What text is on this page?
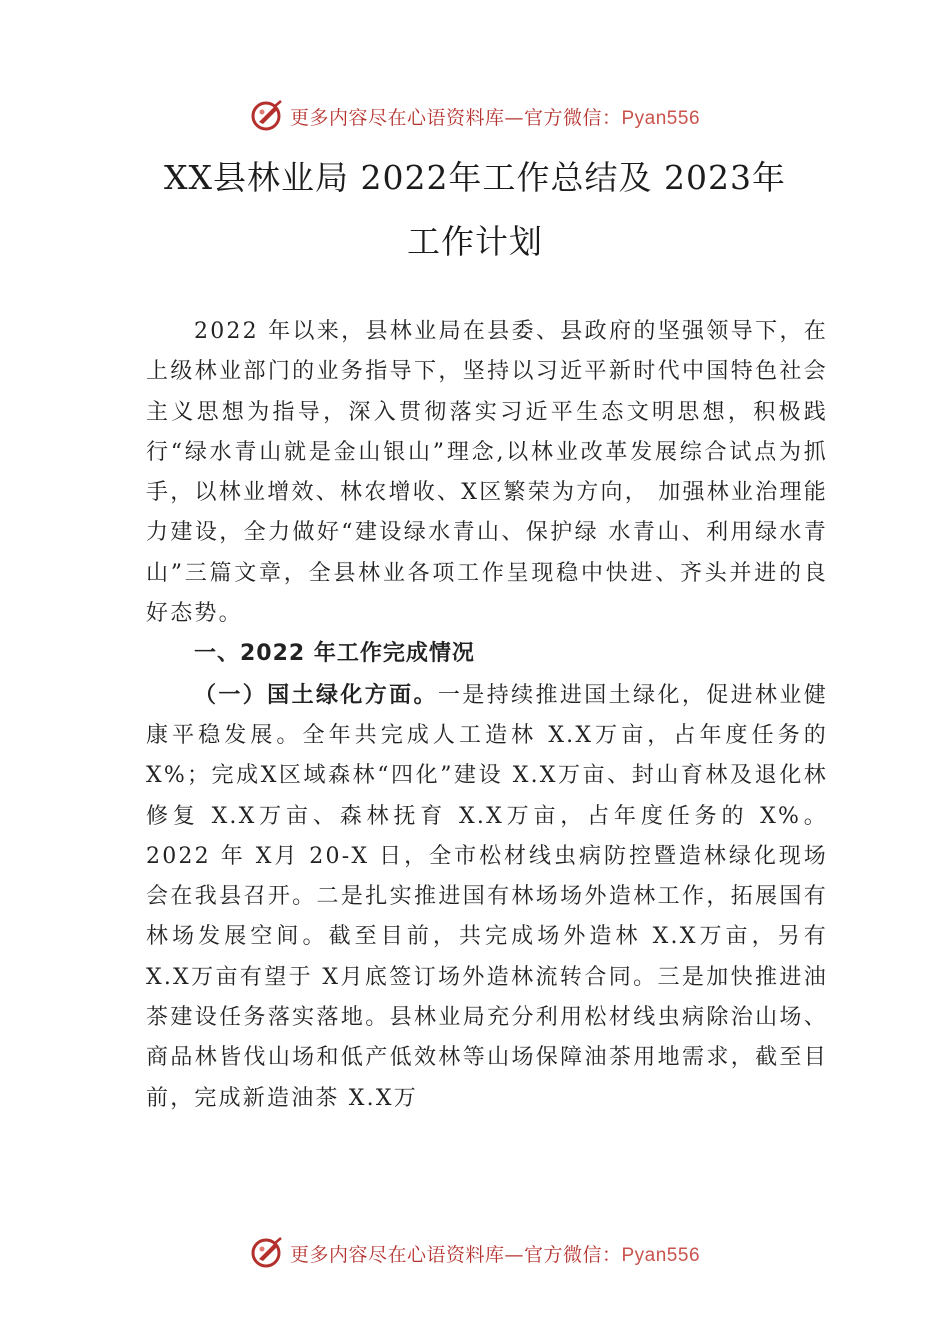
更多内容尽在心语资料库—官方微信：Pyan556
XX县林业局 2022年工作总结及 2023年
工作计划

2022 年以来，县林业局在县委、县政府的坚强领导下，在上级林业部门的业务指导下，坚持以习近平新时代中国特色社会主义思想为指导，深入贯彻落实习近平生态文明思想，积极践行“绿水青山就是金山银山”理念,以林业改革发展综合试点为抓手，以林业增效、林农增收、X区繁荣为方向， 加强林业治理能力建设，全力做好“建设绿水青山、保护绿 水青山、利用绿水青山”三篇文章，全县林业各项工作呈现稳中快进、齐头并进的良好态势。

一、2022 年工作完成情况

（一）国土绿化方面。一是持续推进国土绿化，促进林业健康平稳发展。全年共完成人工造林 X.X万亩，占年度任务的 X%；完成X区域森林“四化”建设 X.X万亩、封山育林及退化林修复 X.X万亩、森林抚育 X.X万亩，占年度任务的 X%。2022 年 X月 20-X 日，全市松材线虫病防控暨造林绿化现场会在我县召开。二是扎实推进国有林场场外造林工作，拓展国有林场发展空间。截至目前，共完成场外造林 X.X万亩，另有 X.X万亩有望于 X月底签订场外造林流转合同。三是加快推进油茶建设任务落实落地。县林业局充分利用松材线虫病除治山场、商品林皆伐山场和低产低效林等山场保障油茶用地需求，截至目前，完成新造油茶 X.X万

更多内容尽在心语资料库—官方微信：Pyan556
